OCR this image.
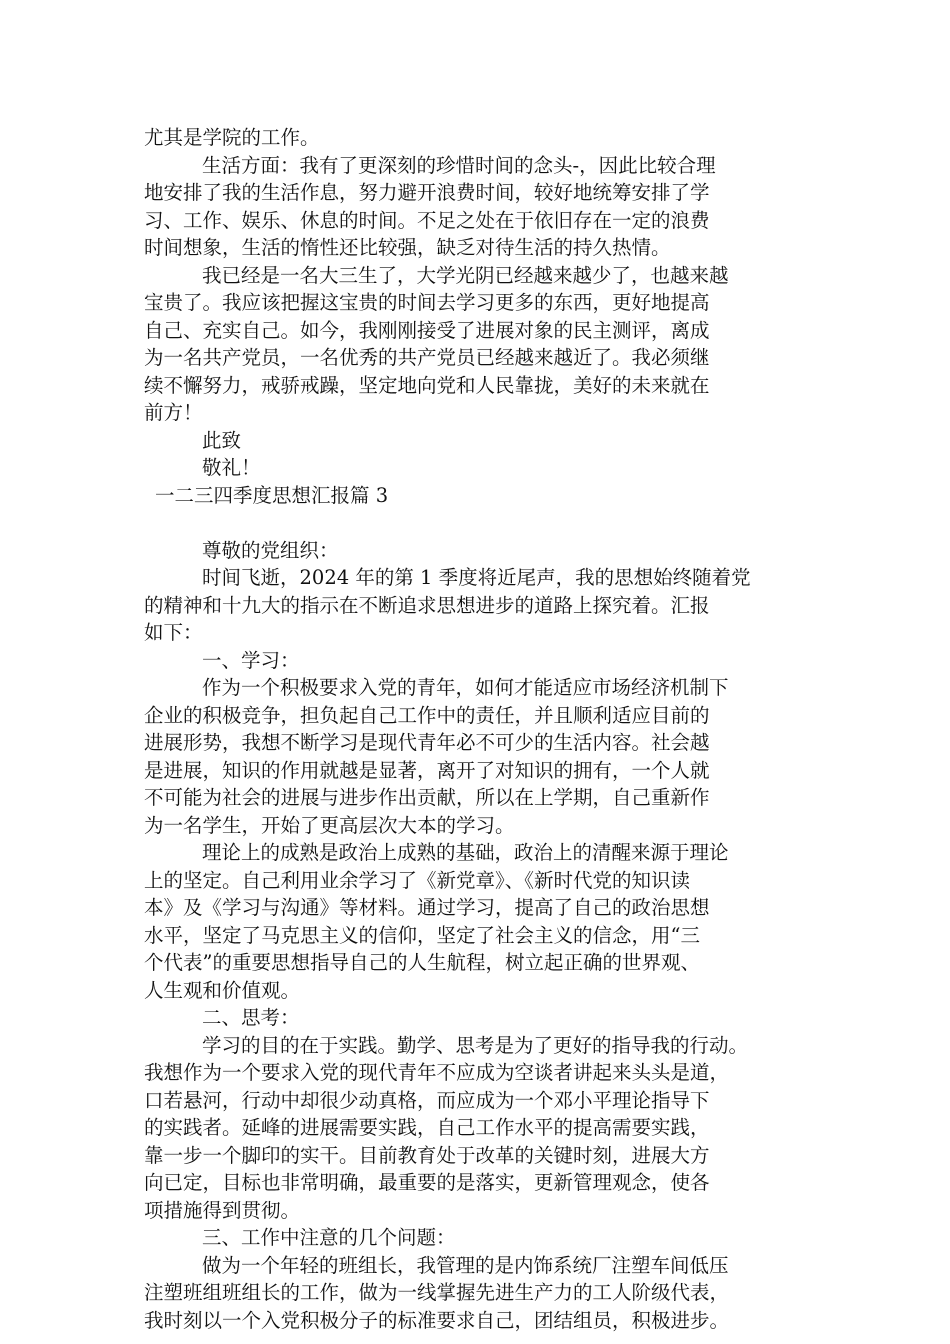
尤其是学院的工作。
生活方面：我有了更深刻的珍惜时间的念头-，因此比较合理
地安排了我的生活作息，努力避开浪费时间，较好地统筹安排了学
习、工作、娱乐、休息的时间。不足之处在于依旧存在一定的浪费
时间想象，生活的惰性还比较强，缺乏对待生活的持久热情。
我已经是一名大三生了，大学光阴已经越来越少了，也越来越
宝贵了。我应该把握这宝贵的时间去学习更多的东西，更好地提高
自己、充实自己。如今，我刚刚接受了进展对象的民主测评，离成
为一名共产党员，一名优秀的共产党员已经越来越近了。我必须继
续不懈努力，戒骄戒躁，坚定地向党和人民靠拢，美好的未来就在
前方！
此致
敬礼！
一二三四季度思想汇报篇 3
尊敬的党组织：
时间飞逝，2024 年的第 1 季度将近尾声，我的思想始终随着党
的精神和十九大的指示在不断追求思想进步的道路上探究着。汇报
如下：
一、学习：
作为一个积极要求入党的青年，如何才能适应市场经济机制下
企业的积极竞争，担负起自己工作中的责任，并且顺利适应目前的
进展形势，我想不断学习是现代青年必不可少的生活内容。社会越
是进展，知识的作用就越是显著，离开了对知识的拥有，一个人就
不可能为社会的进展与进步作出贡献，所以在上学期，自己重新作
为一名学生，开始了更高层次大本的学习。
理论上的成熟是政治上成熟的基础，政治上的清醒来源于理论
上的坚定。自己利用业余学习了《新党章》、《新时代党的知识读
本》及《学习与沟通》等材料。通过学习，提高了自己的政治思想
水平，坚定了马克思主义的信仰，坚定了社会主义的信念，用“三
个代表”的重要思想指导自己的人生航程，树立起正确的世界观、
人生观和价值观。
二、思考：
学习的目的在于实践。勤学、思考是为了更好的指导我的行动。
我想作为一个要求入党的现代青年不应成为空谈者讲起来头头是道，
口若悬河，行动中却很少动真格，而应成为一个邓小平理论指导下
的实践者。延峰的进展需要实践，自己工作水平的提高需要实践，
靠一步一个脚印的实干。目前教育处于改革的关键时刻，进展大方
向已定，目标也非常明确，最重要的是落实，更新管理观念，使各
项措施得到贯彻。
三、工作中注意的几个问题：
做为一个年轻的班组长，我管理的是内饰系统厂注塑车间低压
注塑班组班组长的工作，做为一线掌握先进生产力的工人阶级代表，
我时刻以一个入党积极分子的标准要求自己，团结组员，积极进步。
